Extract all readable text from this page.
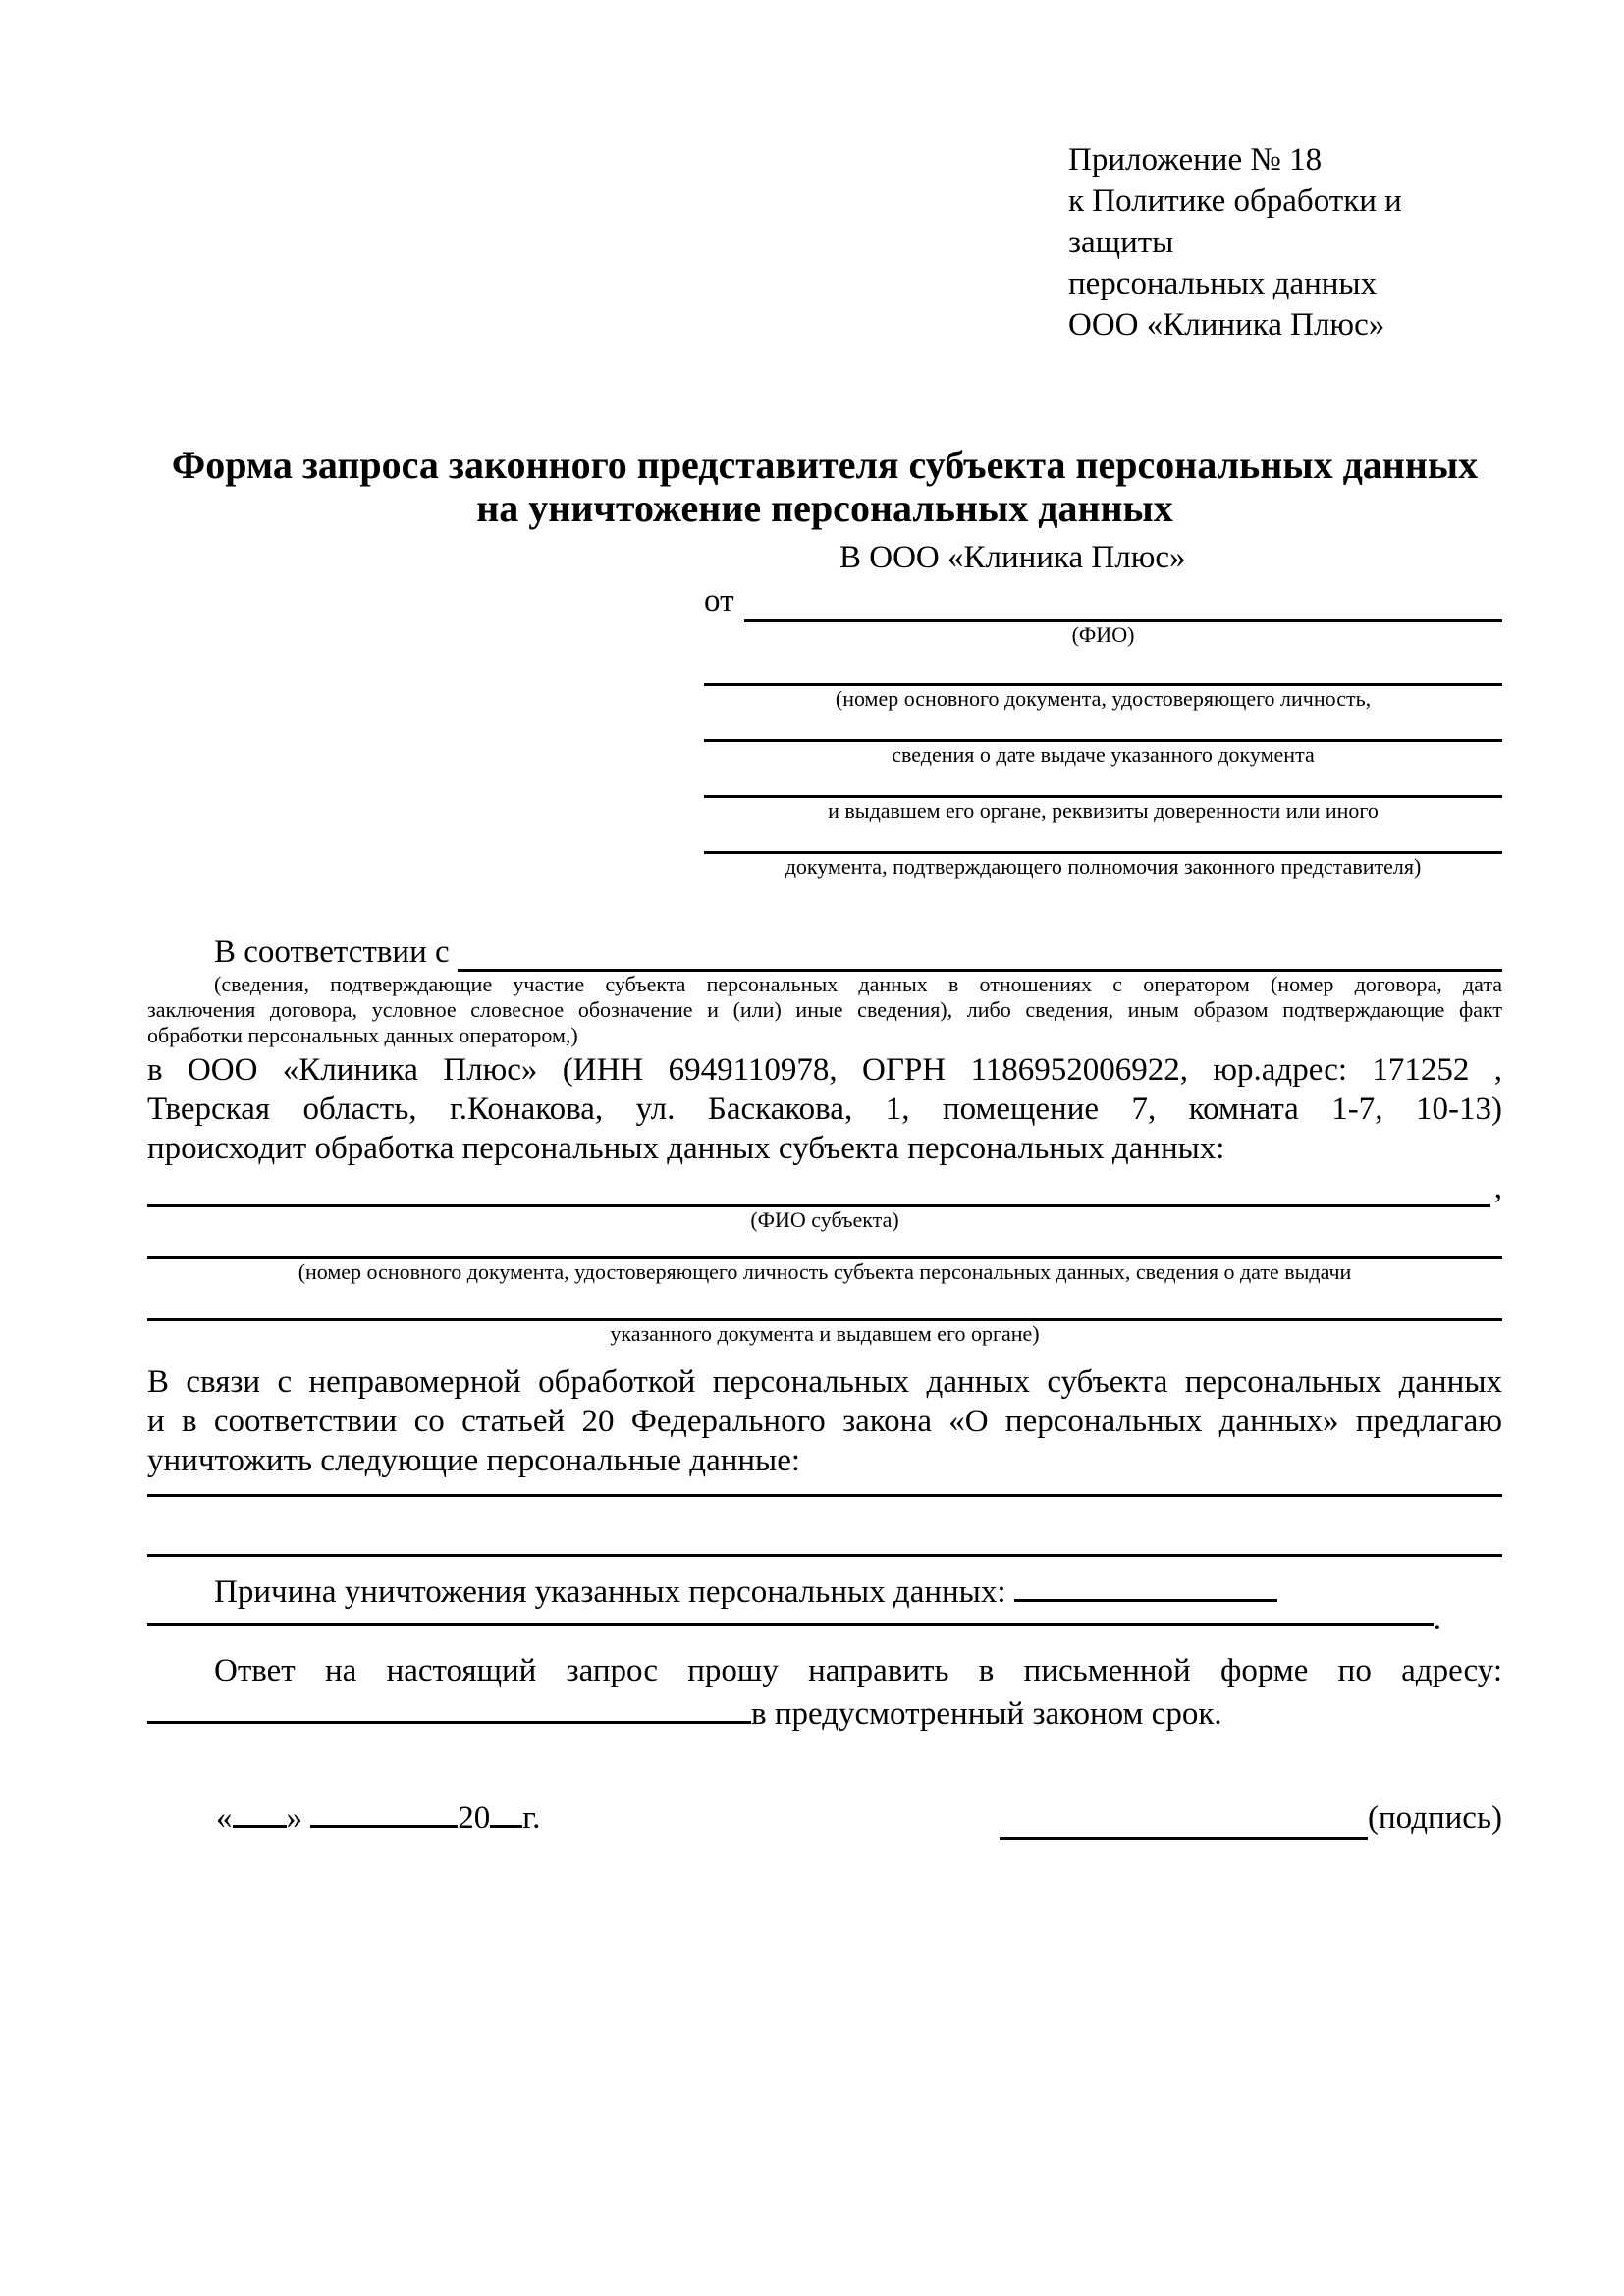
Приложение № 18
к Политике обработки и защиты
персональных данных
ООО «Клиника Плюс»
Форма запроса законного представителя субъекта персональных данных
на уничтожение персональных данных
В ООО «Клиника Плюс»
от
(ФИО)
(номер основного документа, удостоверяющего личность,
сведения о дате выдаче указанного документа
и выдавшем его органе, реквизиты доверенности или иного
документа, подтверждающего полномочия законного представителя)
В соответствии с
(сведения, подтверждающие участие субъекта персональных данных в отношениях с оператором (номер договора, дата
заключения договора, условное словесное обозначение и (или) иные сведения), либо сведения, иным образом подтверждающие факт
обработки персональных данных оператором,)
в ООО «Клиника Плюс» (ИНН 6949110978, ОГРН 1186952006922, юр.адрес: 171252 ,
Тверская область, г.Конакова, ул. Баскакова, 1, помещение 7, комната 1-7, 10-13)
происходит обработка персональных данных субъекта персональных данных:
,
(ФИО субъекта)
(номер основного документа, удостоверяющего личность субъекта персональных данных, сведения о дате выдачи
указанного документа и выдавшем его органе)
В связи с неправомерной обработкой персональных данных субъекта персональных данных
и в соответствии со статьей 20 Федерального закона «О персональных данных» предлагаю
уничтожить следующие персональные данные:
Причина уничтожения указанных персональных данных:
.
Ответ на настоящий запрос прошу направить в письменной форме по адресу:
в предусмотренный законом срок.
« »	20 г.	(подпись)
